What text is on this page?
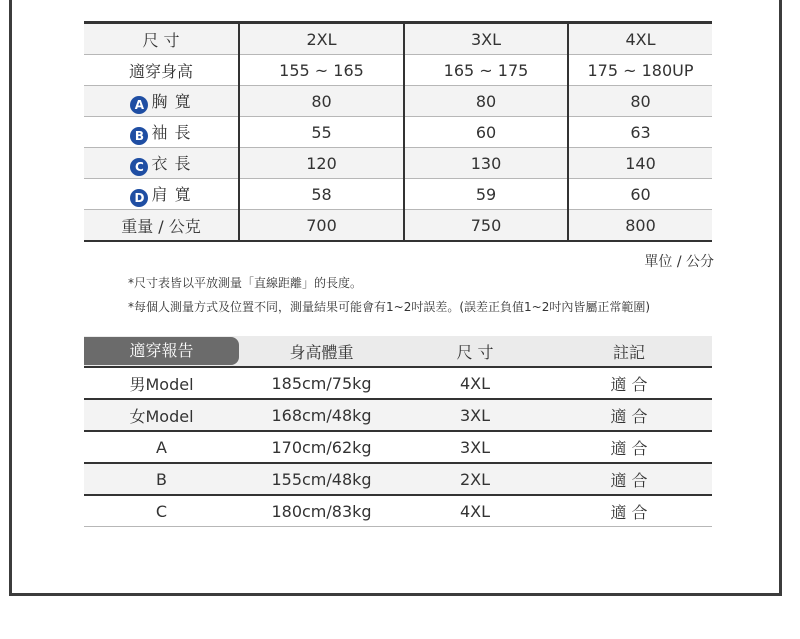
尺 寸	2XL	3XL	4XL
適穿身高	155 ~ 165	165 ~ 175	175 ~ 180UP
A 胸 寬	80	80	80
B 袖 長	55	60	63
C 衣 長	120	130	140
D 肩 寬	58	59	60
重量 / 公克	700	750	800
單位 / 公分
*尺寸表皆以平放測量「直線距離」的長度。
*每個人測量方式及位置不同，測量結果可能會有1~2吋誤差。(誤差正負值1~2吋內皆屬正常範圍)
適穿報告	身高體重	尺 寸	註記
男Model	185cm/75kg	4XL	適 合
女Model	168cm/48kg	3XL	適 合
A	170cm/62kg	3XL	適 合
B	155cm/48kg	2XL	適 合
C	180cm/83kg	4XL	適 合
